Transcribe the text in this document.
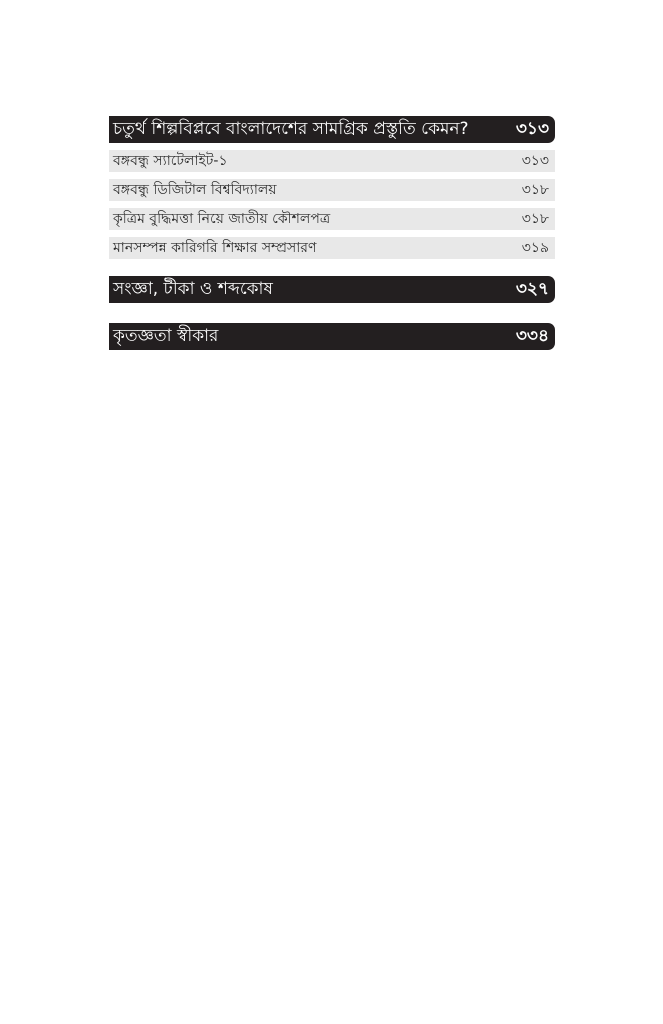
চতুর্থ শিল্পবিপ্লবে বাংলাদেশের সামগ্রিক প্রস্তুতি কেমন?	৩১৩
বঙ্গবন্ধু স্যাটেলাইট-১	৩১৩
বঙ্গবন্ধু ডিজিটাল বিশ্ববিদ্যালয়	৩১৮
কৃত্রিম বুদ্ধিমত্তা নিয়ে জাতীয় কৌশলপত্র	৩১৮
মানসম্পন্ন কারিগরি শিক্ষার সম্প্রসারণ	৩১৯
সংজ্ঞা, টীকা ও শব্দকোষ	৩২৭
কৃতজ্ঞতা স্বীকার	৩৩৪
